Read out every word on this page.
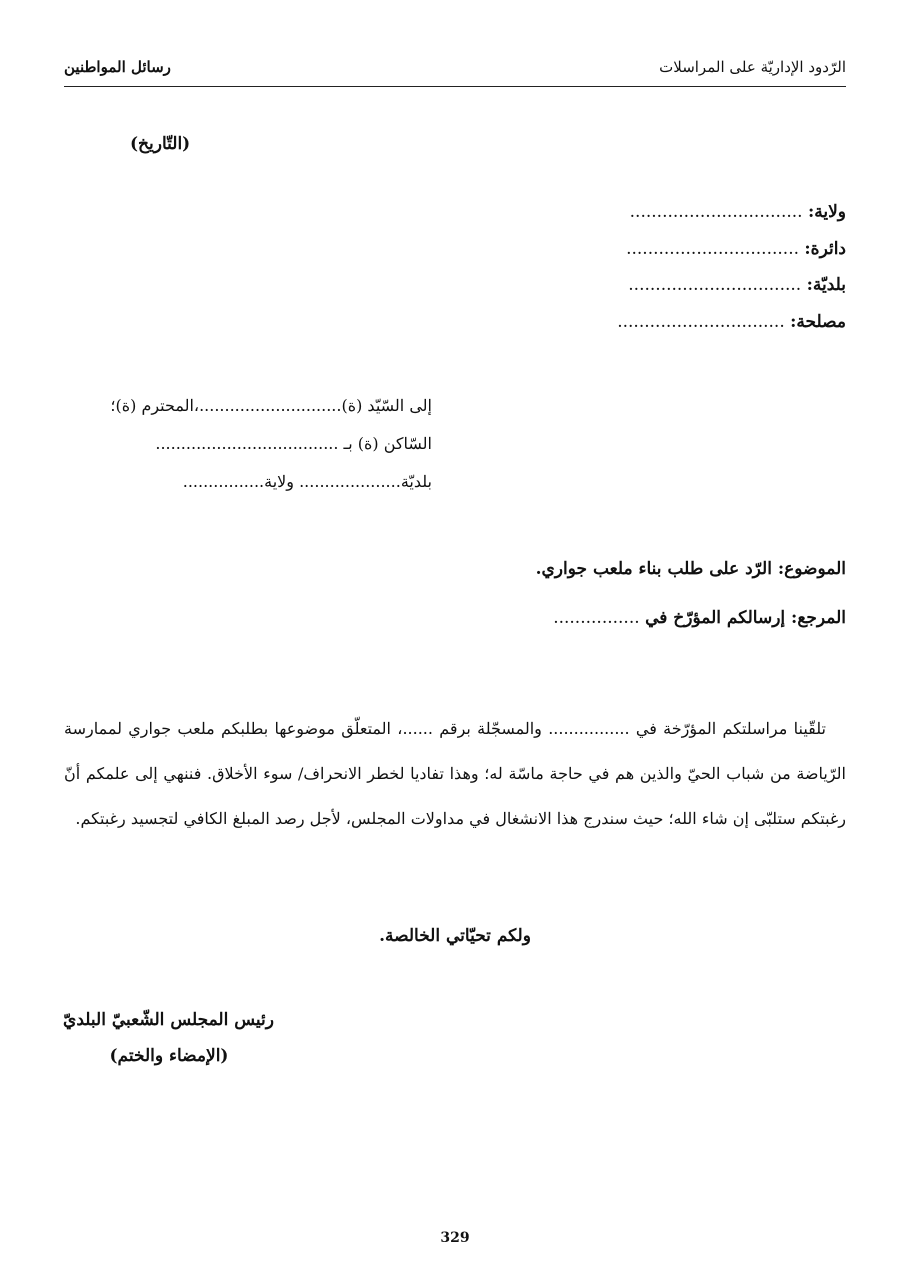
الرّدود الإداريّة على المراسلات
رسائل المواطنين
(التّاريخ)
ولاية: ................................
دائرة: ................................
بلديّة: ................................
مصلحة: ...............................
إلى السّيّد (ة)............................،المحترم (ة)؛
السّاكن (ة) بـ ....................................
بلديّة.................... ولاية................
الموضوع: الرّد على طلب بناء ملعب جواري.
المرجع: إرسالكم المؤرّخ في ................
تلقّينا مراسلتكم المؤرّخة في ................ والمسجّلة برقم ......، المتعلّق موضوعها بطلبكم ملعب جواري لممارسة الرّياضة من شباب الحيّ والذين هم في حاجة ماسّة له؛ وهذا تفاديا لخطر الانحراف/ سوء الأخلاق. فننهي إلى علمكم أنّ رغبتكم ستلبّى إن شاء الله؛ حيث سندرج هذا الانشغال في مداولات المجلس، لأجل رصد المبلغ الكافي لتجسيد رغبتكم.
ولكم تحيّاتي الخالصة.
رئيس المجلس الشّعبيّ البلديّ
(الإمضاء والختم)
329
